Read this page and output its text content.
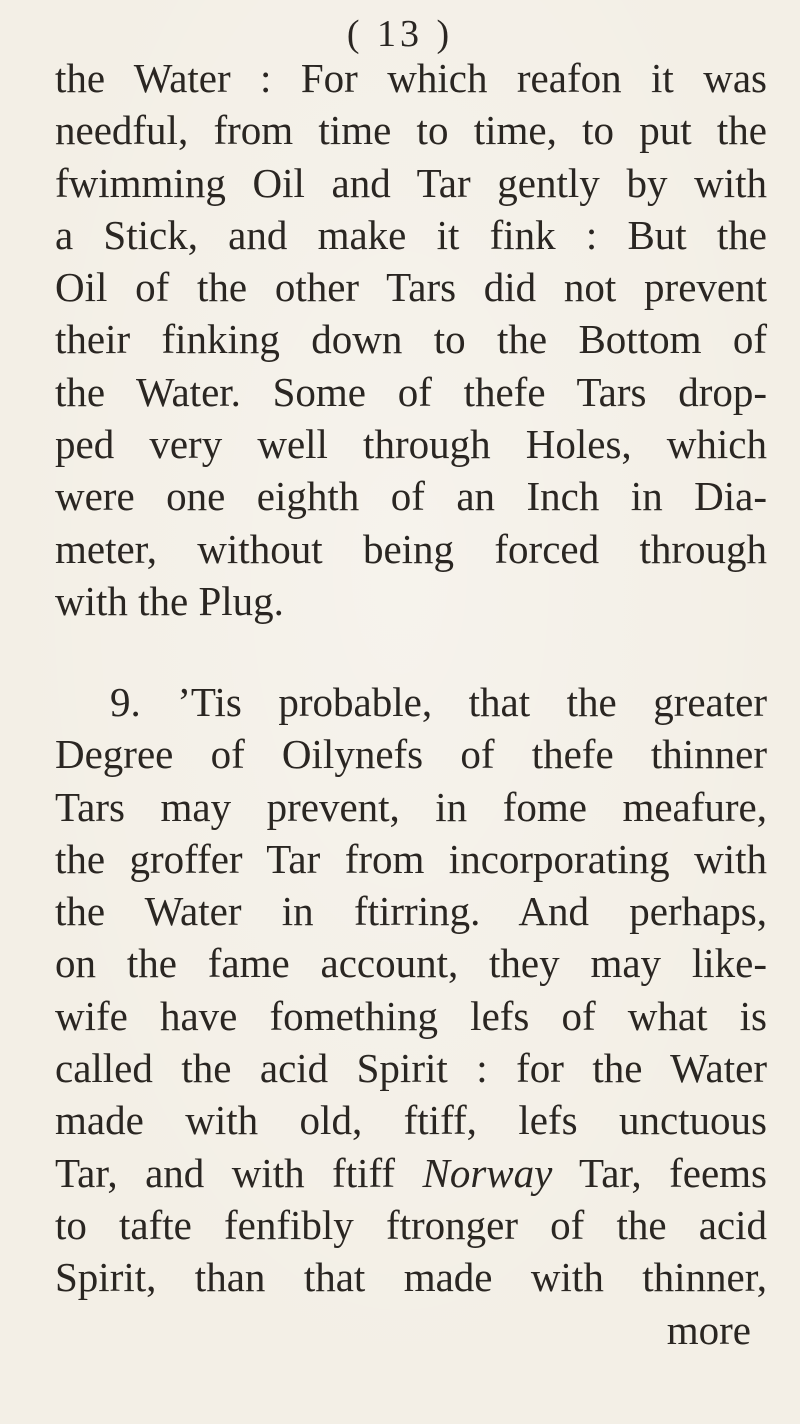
( 13 )
the Water : For which reafon it was
needful, from time to time, to put the
fwimming Oil and Tar gently by with
a Stick, and make it fink : But the
Oil of the other Tars did not prevent
their finking down to the Bottom of
the Water. Some of thefe Tars drop-
ped very well through Holes, which
were one eighth of an Inch in Dia-
meter, without being forced through
with the Plug.
9. ’Tis probable, that the greater
Degree of Oilynefs of thefe thinner
Tars may prevent, in fome meafure,
the groffer Tar from incorporating with
the Water in ftirring. And perhaps,
on the fame account, they may like-
wife have fomething lefs of what is
called the acid Spirit : for the Water
made with old, ftiff, lefs unctuous
Tar, and with ftiff Norway Tar, feems
to tafte fenfibly ftronger of the acid
Spirit, than that made with thinner,
more
